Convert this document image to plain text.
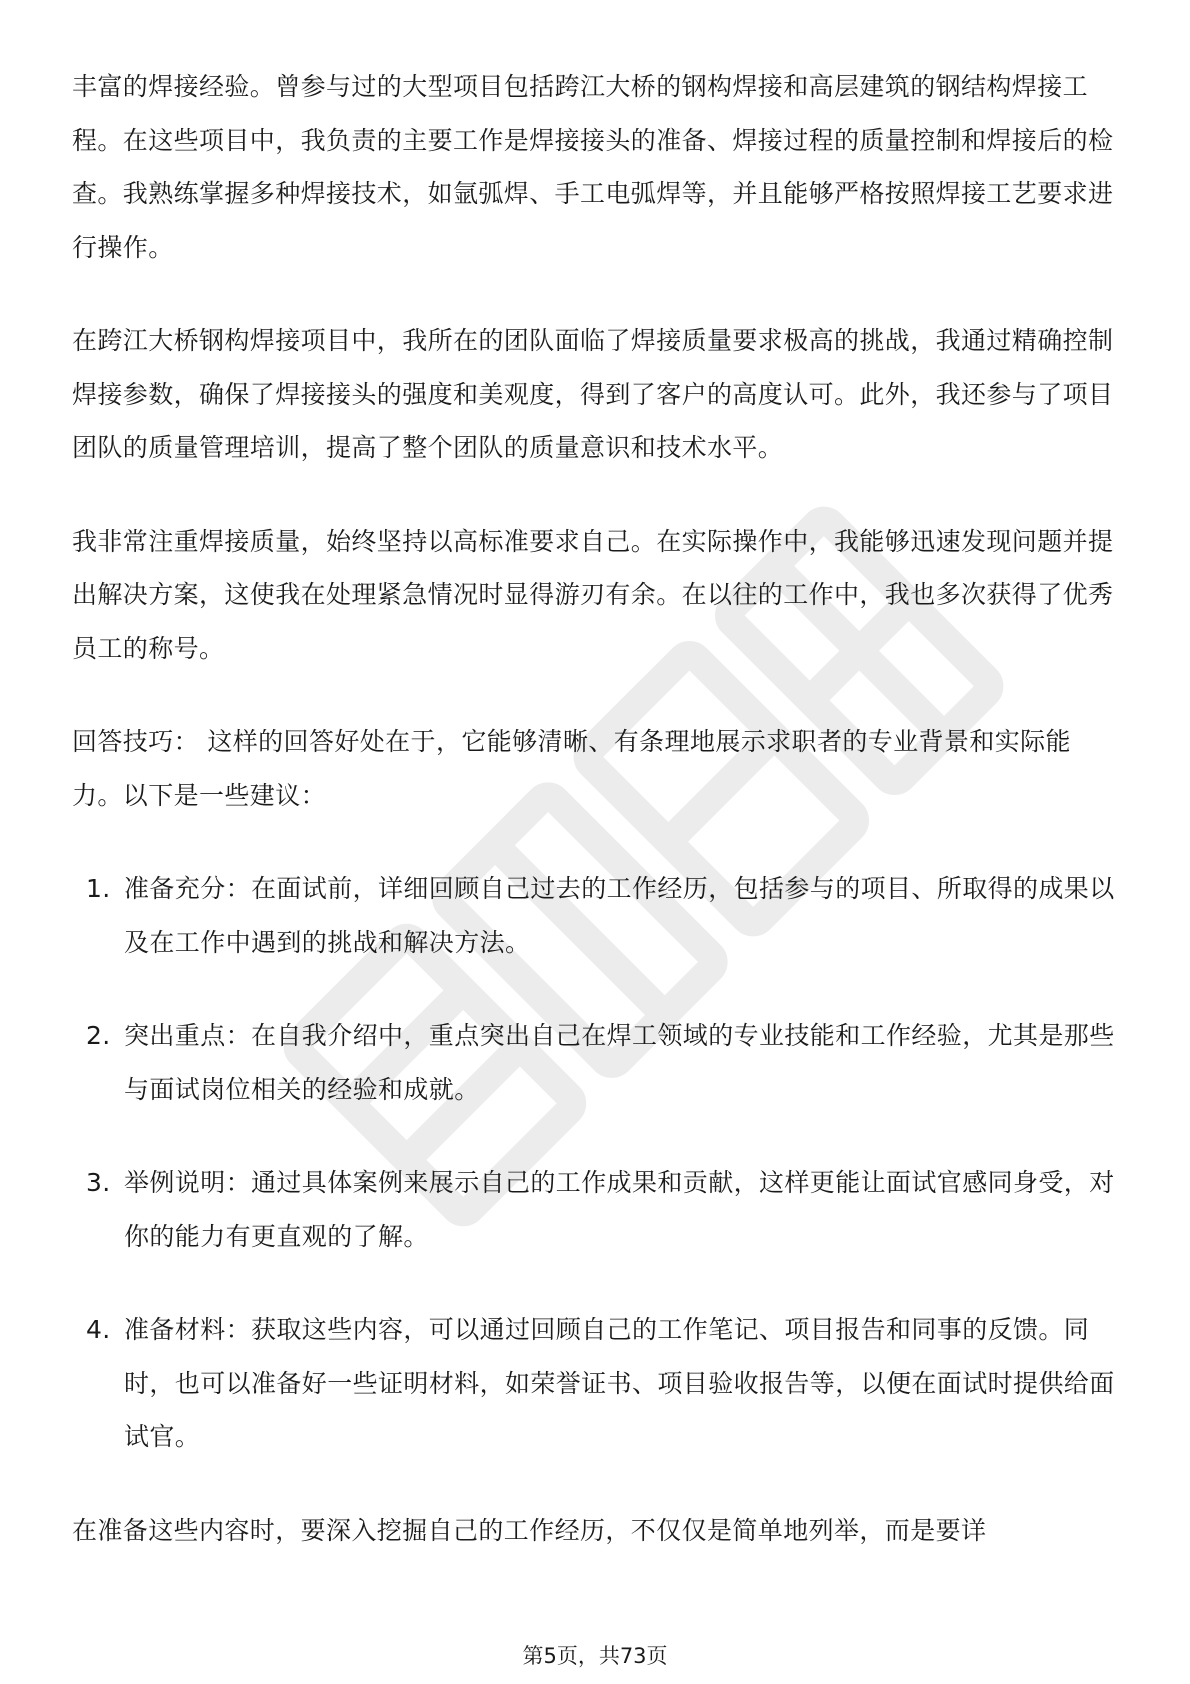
丰富的焊接经验。曾参与过的大型项目包括跨江大桥的钢构焊接和高层建筑的钢结构焊接工程。在这些项目中，我负责的主要工作是焊接接头的准备、焊接过程的质量控制和焊接后的检查。我熟练掌握多种焊接技术，如氩弧焊、手工电弧焊等，并且能够严格按照焊接工艺要求进行操作。

在跨江大桥钢构焊接项目中，我所在的团队面临了焊接质量要求极高的挑战，我通过精确控制焊接参数，确保了焊接接头的强度和美观度，得到了客户的高度认可。此外，我还参与了项目团队的质量管理培训，提高了整个团队的质量意识和技术水平。

我非常注重焊接质量，始终坚持以高标准要求自己。在实际操作中，我能够迅速发现问题并提出解决方案，这使我在处理紧急情况时显得游刃有余。在以往的工作中，我也多次获得了优秀员工的称号。

回答技巧： 这样的回答好处在于，它能够清晰、有条理地展示求职者的专业背景和实际能力。以下是一些建议：

1. 准备充分：在面试前，详细回顾自己过去的工作经历，包括参与的项目、所取得的成果以及在工作中遇到的挑战和解决方法。
2. 突出重点：在自我介绍中，重点突出自己在焊工领域的专业技能和工作经验，尤其是那些与面试岗位相关的经验和成就。
3. 举例说明：通过具体案例来展示自己的工作成果和贡献，这样更能让面试官感同身受，对你的能力有更直观的了解。
4. 准备材料：获取这些内容，可以通过回顾自己的工作笔记、项目报告和同事的反馈。同时，也可以准备好一些证明材料，如荣誉证书、项目验收报告等，以便在面试时提供给面试官。

在准备这些内容时，要深入挖掘自己的工作经历，不仅仅是简单地列举，而是要详

第5页，共73页
